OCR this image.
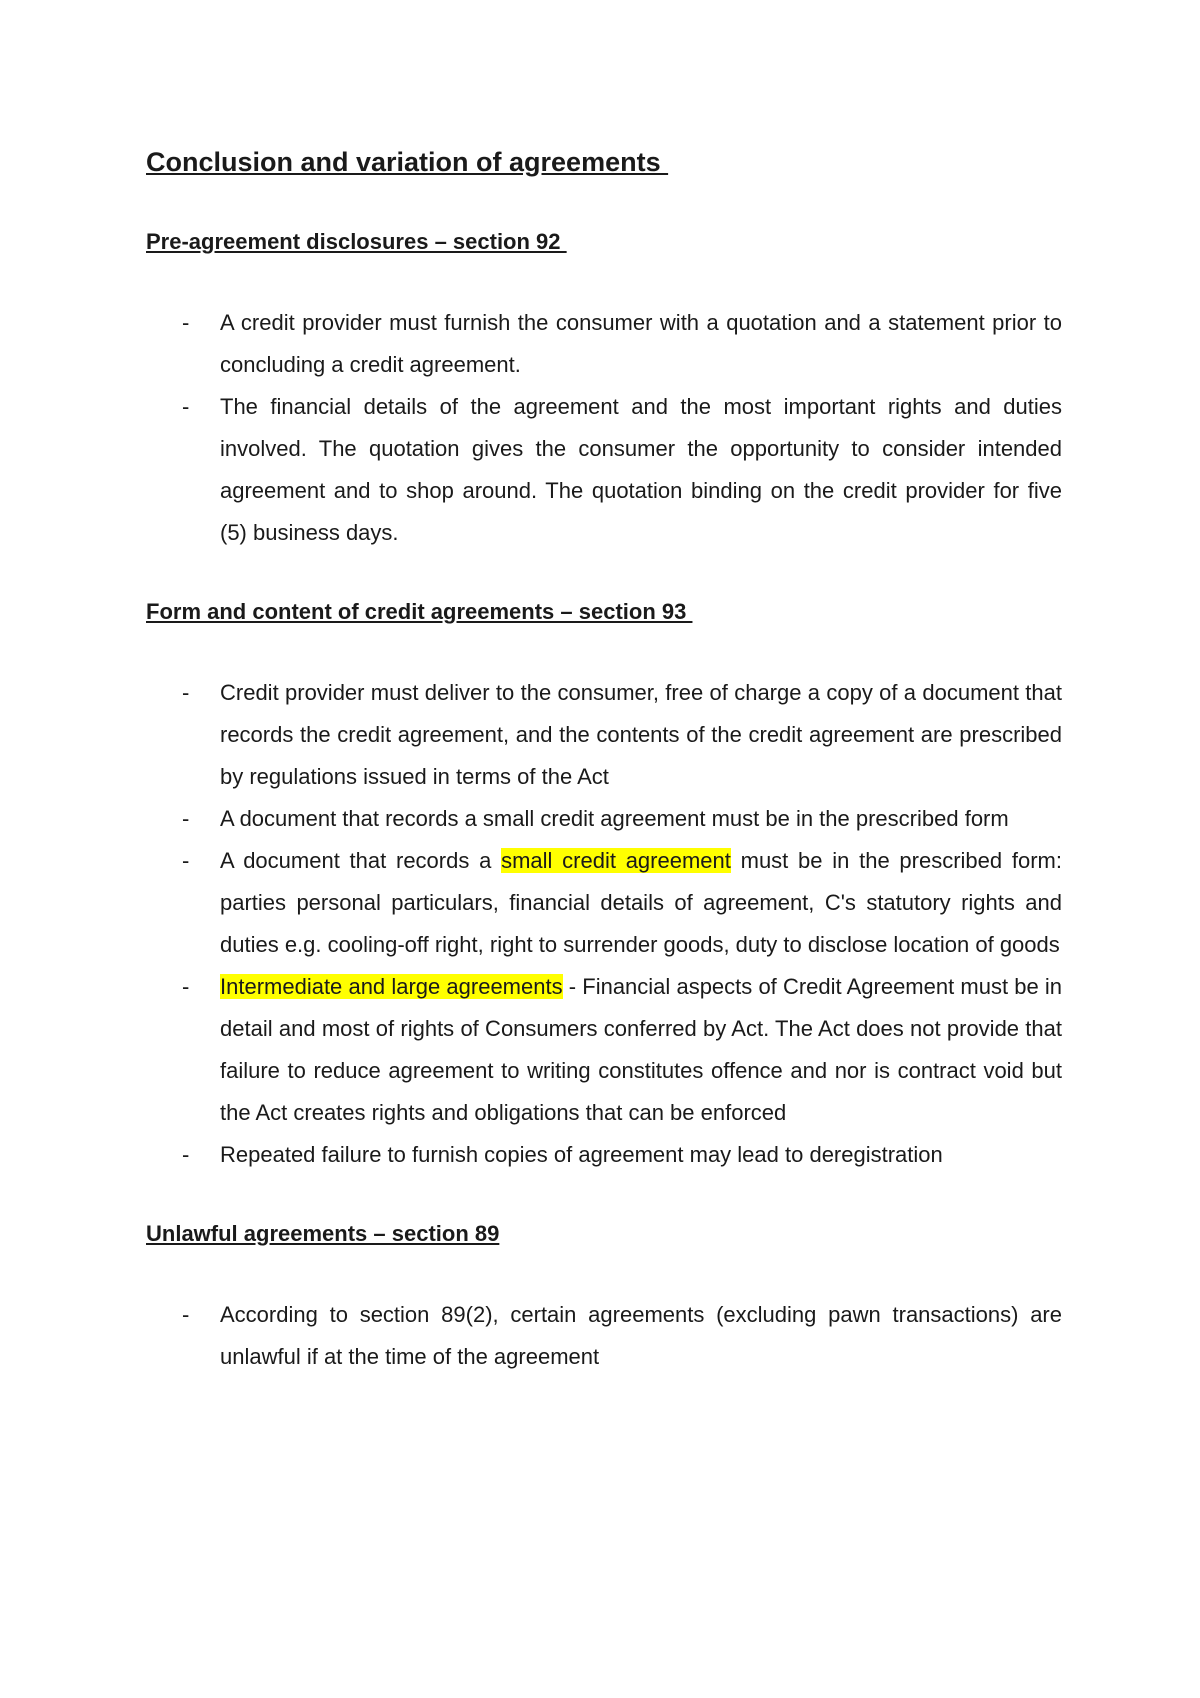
Conclusion and variation of agreements
Pre-agreement disclosures – section 92
- A credit provider must furnish the consumer with a quotation and a statement prior to concluding a credit agreement.
- The financial details of the agreement and the most important rights and duties involved. The quotation gives the consumer the opportunity to consider intended agreement and to shop around. The quotation binding on the credit provider for five (5) business days.
Form and content of credit agreements – section 93
- Credit provider must deliver to the consumer, free of charge a copy of a document that records the credit agreement, and the contents of the credit agreement are prescribed by regulations issued in terms of the Act
- A document that records a small credit agreement must be in the prescribed form
- A document that records a small credit agreement must be in the prescribed form: parties personal particulars, financial details of agreement, C's statutory rights and duties e.g. cooling-off right, right to surrender goods, duty to disclose location of goods
- Intermediate and large agreements - Financial aspects of Credit Agreement must be in detail and most of rights of Consumers conferred by Act. The Act does not provide that failure to reduce agreement to writing constitutes offence and nor is contract void but the Act creates rights and obligations that can be enforced
- Repeated failure to furnish copies of agreement may lead to deregistration
Unlawful agreements – section 89
- According to section 89(2), certain agreements (excluding pawn transactions) are unlawful if at the time of the agreement
